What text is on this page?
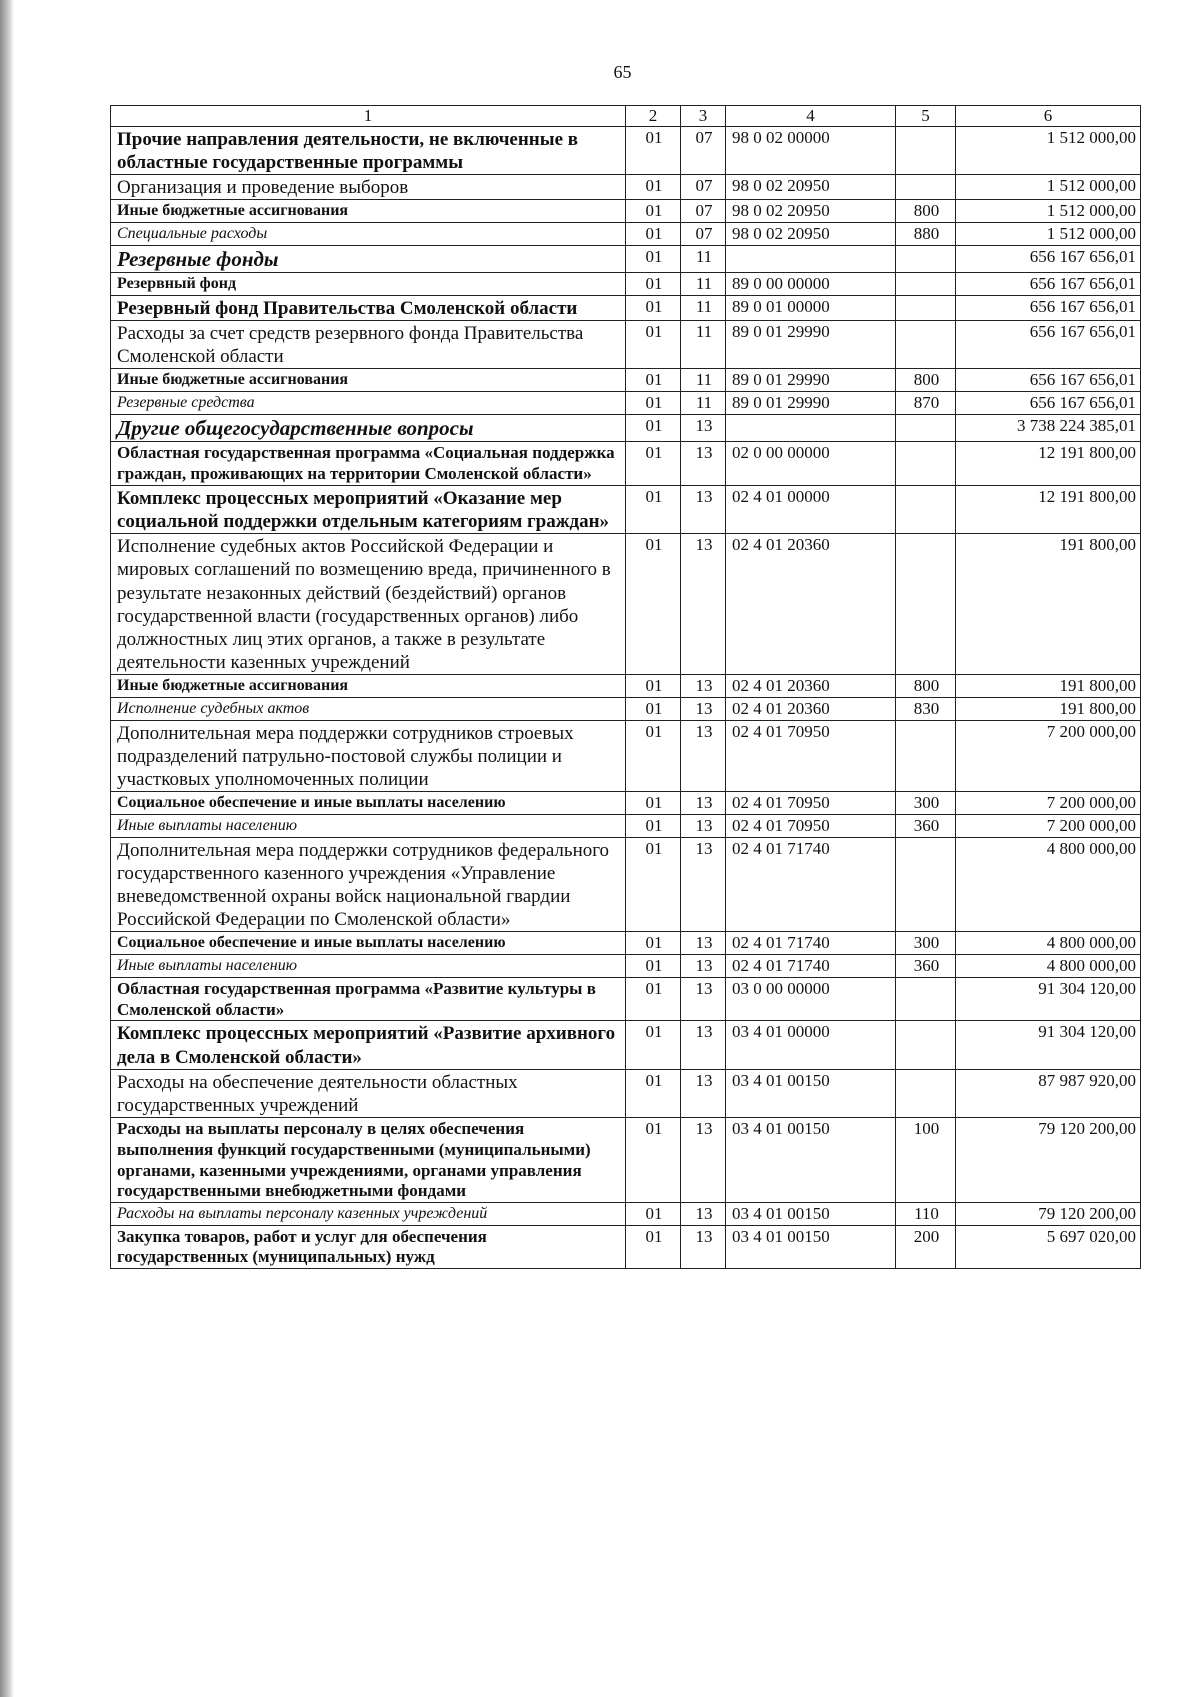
65
1	2	3	4	5	6
Прочие направления деятельности, не включенные в областные государственные программы	01	07	98 0 02 00000		1 512 000,00
Организация и проведение выборов	01	07	98 0 02 20950		1 512 000,00
Иные бюджетные ассигнования	01	07	98 0 02 20950	800	1 512 000,00
Специальные расходы	01	07	98 0 02 20950	880	1 512 000,00
Резервные фонды	01	11			656 167 656,01
Резервный фонд	01	11	89 0 00 00000		656 167 656,01
Резервный фонд Правительства Смоленской области	01	11	89 0 01 00000		656 167 656,01
Расходы за счет средств резервного фонда Правительства Смоленской области	01	11	89 0 01 29990		656 167 656,01
Иные бюджетные ассигнования	01	11	89 0 01 29990	800	656 167 656,01
Резервные средства	01	11	89 0 01 29990	870	656 167 656,01
Другие общегосударственные вопросы	01	13			3 738 224 385,01
Областная государственная программа «Социальная поддержка граждан, проживающих на территории Смоленской области»	01	13	02 0 00 00000		12 191 800,00
Комплекс процессных мероприятий «Оказание мер социальной поддержки отдельным категориям граждан»	01	13	02 4 01 00000		12 191 800,00
Исполнение судебных актов Российской Федерации и мировых соглашений по возмещению вреда, причиненного в результате незаконных действий (бездействий) органов государственной власти (государственных органов) либо должностных лиц этих органов, а также в результате деятельности казенных учреждений	01	13	02 4 01 20360		191 800,00
Иные бюджетные ассигнования	01	13	02 4 01 20360	800	191 800,00
Исполнение судебных актов	01	13	02 4 01 20360	830	191 800,00
Дополнительная мера поддержки сотрудников строевых подразделений патрульно-постовой службы полиции и участковых уполномоченных полиции	01	13	02 4 01 70950		7 200 000,00
Социальное обеспечение и иные выплаты населению	01	13	02 4 01 70950	300	7 200 000,00
Иные выплаты населению	01	13	02 4 01 70950	360	7 200 000,00
Дополнительная мера поддержки сотрудников федерального государственного казенного учреждения «Управление вневедомственной охраны войск национальной гвардии Российской Федерации по Смоленской области»	01	13	02 4 01 71740		4 800 000,00
Социальное обеспечение и иные выплаты населению	01	13	02 4 01 71740	300	4 800 000,00
Иные выплаты населению	01	13	02 4 01 71740	360	4 800 000,00
Областная государственная программа «Развитие культуры в Смоленской области»	01	13	03 0 00 00000		91 304 120,00
Комплекс процессных мероприятий «Развитие архивного дела в Смоленской области»	01	13	03 4 01 00000		91 304 120,00
Расходы на обеспечение деятельности областных государственных учреждений	01	13	03 4 01 00150		87 987 920,00
Расходы на выплаты персоналу в целях обеспечения выполнения функций государственными (муниципальными) органами, казенными учреждениями, органами управления государственными внебюджетными фондами	01	13	03 4 01 00150	100	79 120 200,00
Расходы на выплаты персоналу казенных учреждений	01	13	03 4 01 00150	110	79 120 200,00
Закупка товаров, работ и услуг для обеспечения государственных (муниципальных) нужд	01	13	03 4 01 00150	200	5 697 020,00
